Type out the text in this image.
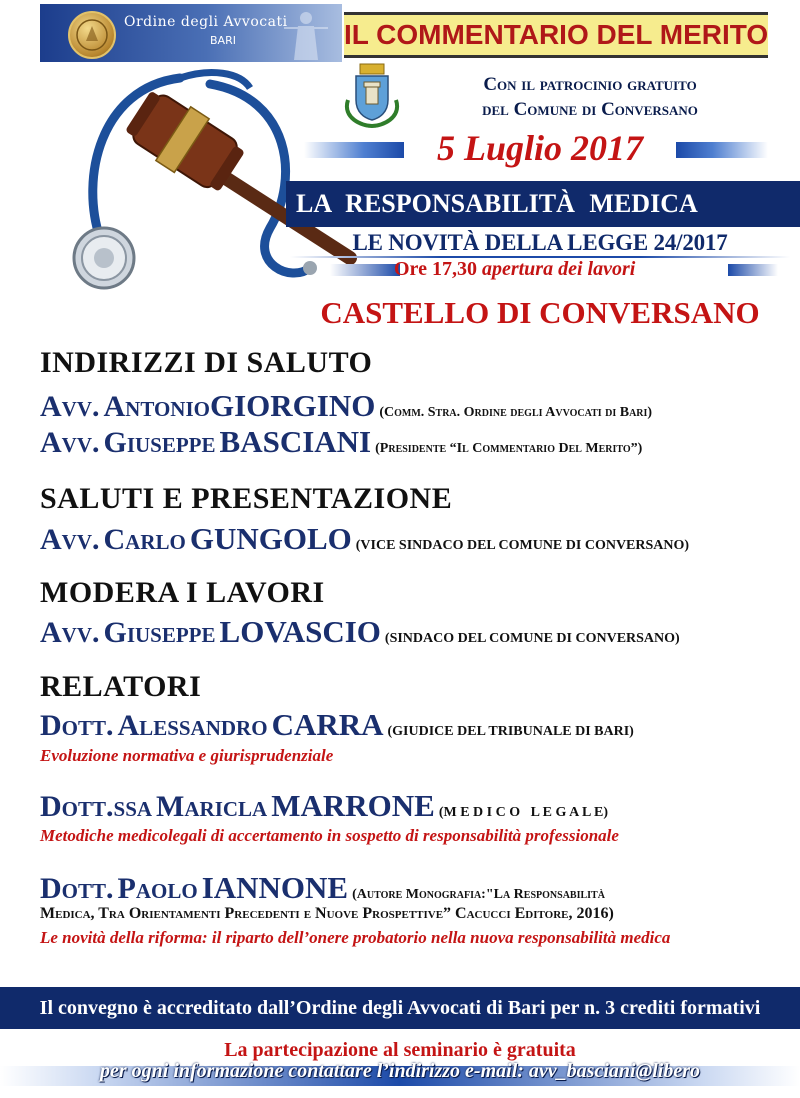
Ordine degli Avvocati
BARI	IL COMMENTARIO DEL MERITO
Con il patrocinio gratuito
del Comune di Conversano
5 Luglio 2017
LA RESPONSABILITÀ MEDICA
LE NOVITÀ DELLA LEGGE 24/2017
Ore 17,30 apertura dei lavori
CASTELLO DI CONVERSANO
INDIRIZZI DI SALUTO
Avv. AntonioGIORGINO (Comm. Stra. Ordine degli Avvocati di Bari)
Avv. Giuseppe BASCIANI (Presidente “Il Commentario Del Merito”)
SALUTI E PRESENTAZIONE
Avv. Carlo GUNGOLO (VICE SINDACO DEL COMUNE DI CONVERSANO)
MODERA I LAVORI
Avv. Giuseppe LOVASCIO (SINDACO DEL COMUNE DI CONVERSANO)
RELATORI
Dott. Alessandro CARRA (GIUDICE DEL TRIBUNALE DI BARI)
Evoluzione normativa e giurisprudenziale
Dott.ssa Maricla MARRONE (M E D I C O   L E G A L E)
Metodiche medicolegali di accertamento in sospetto di responsabilità professionale
Dott. Paolo IANNONE (Autore Monografia:"La Responsabilità
Medica, Tra Orientamenti Precedenti e Nuove Prospettive” Cacucci Editore, 2016)
Le novità della riforma: il riparto dell’onere probatorio nella nuova responsabilità medica
Il convegno è accreditato dall’Ordine degli Avvocati di Bari per n. 3 crediti formativi
La partecipazione al seminario è gratuita
per ogni informazione contattare l’indirizzo e-mail: avv_basciani@libero
